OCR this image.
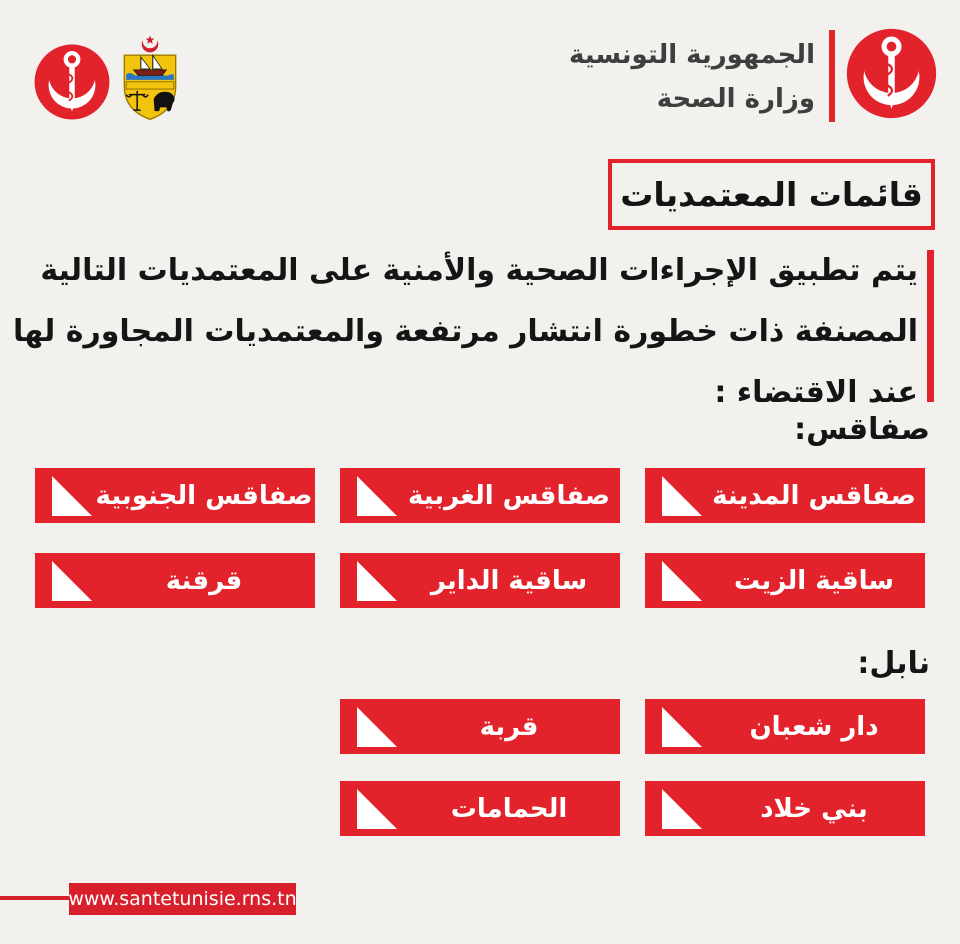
الجمهورية التونسية
وزارة الصحة
قائمات المعتمديات
يتم تطبيق الإجراءات الصحية والأمنية على المعتمديات التالية
المصنفة ذات خطورة انتشار مرتفعة والمعتمديات المجاورة لها
عند الاقتضاء :
صفاقس:
صفاقس المدينة
صفاقس الغربية
صفاقس الجنوبية
ساقية الزيت
ساقية الداير
قرقنة
نابل:
دار شعبان
قربة
بني خلاد
الحمامات
www.santetunisie.rns.tn
